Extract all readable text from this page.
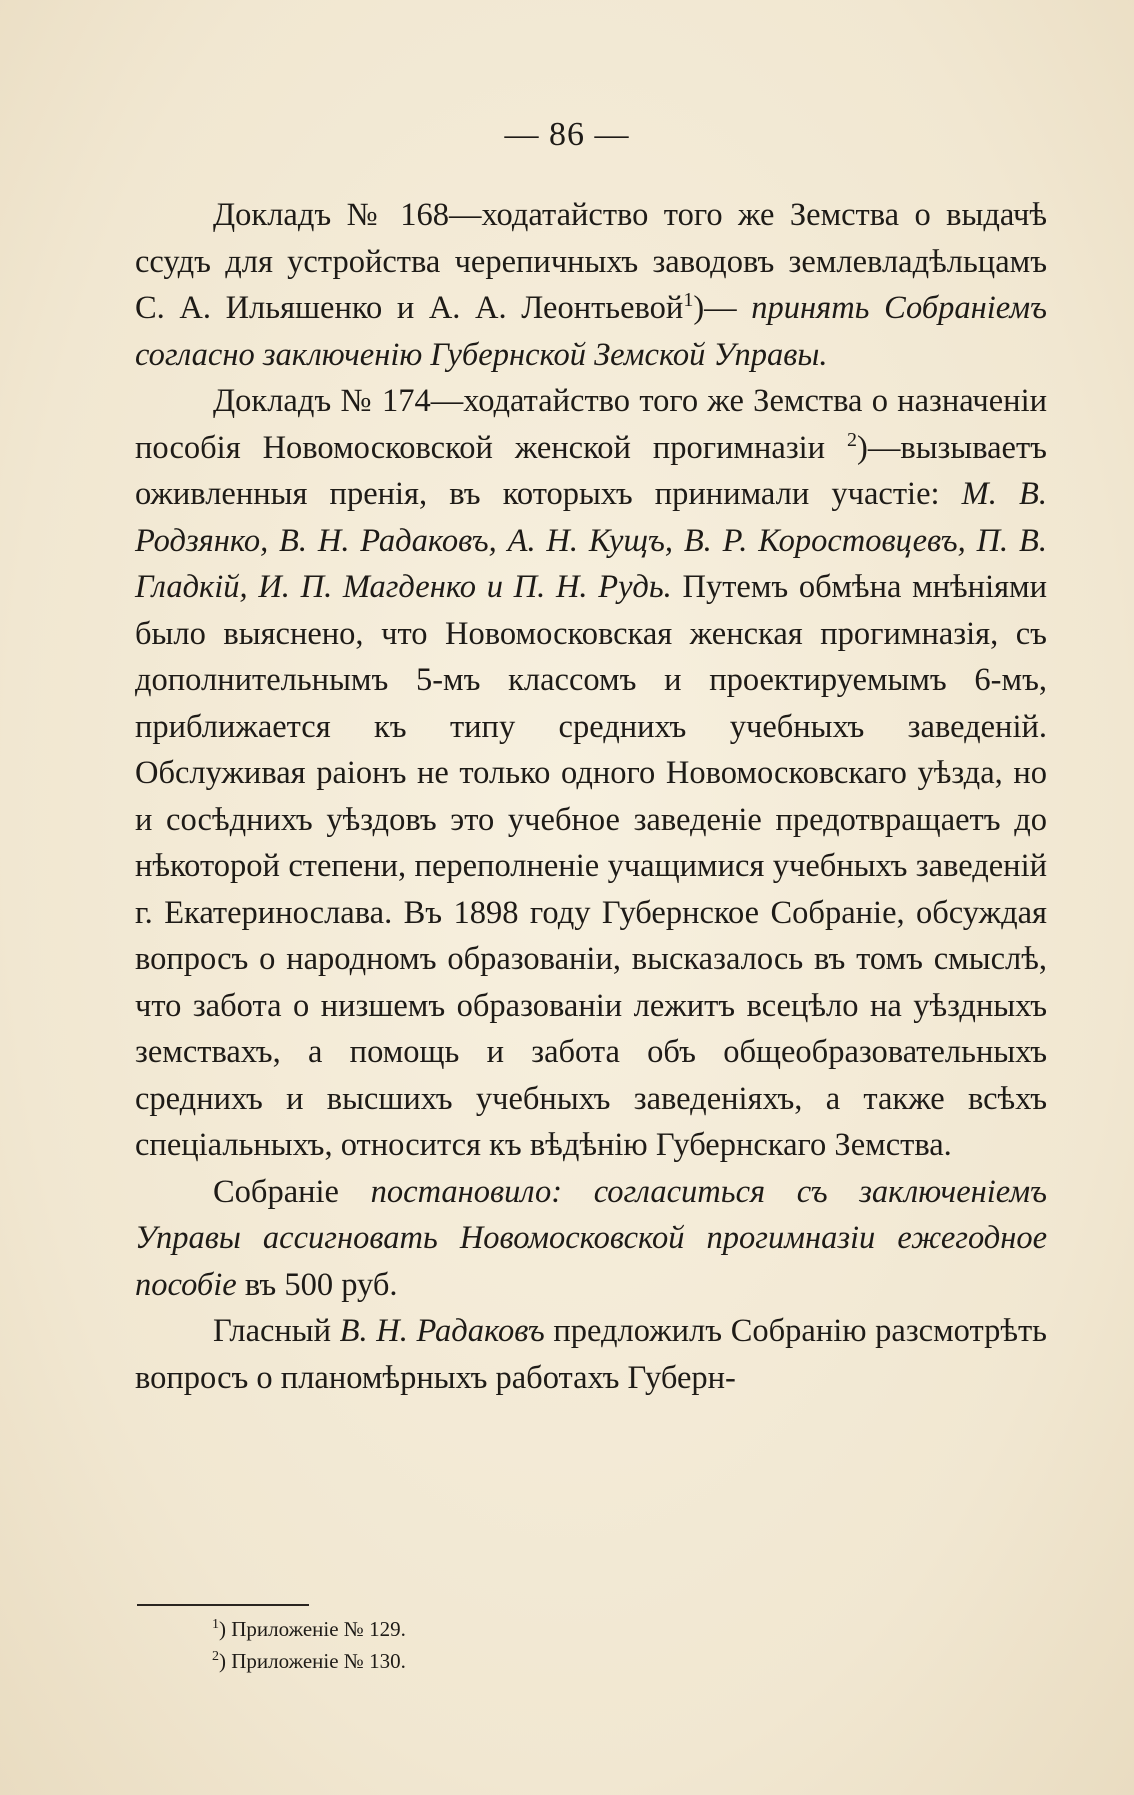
— 86 —

Докладъ № 168—ходатайство того же Земства о выдачѣ ссудъ для устройства черепичныхъ заводовъ землевладѣльцамъ С. А. Ильяшенко и А. А. Леонтьевой$^1$)— принять Собраніемъ согласно заключенію Губернской Земской Управы.

Докладъ № 174—ходатайство того же Земства о назначеніи пособія Новомосковской женской прогимназіи $^2$)—вызываетъ оживленныя пренія, въ которыхъ принимали участіе: М. В. Родзянко, В. Н. Радаковъ, А. Н. Кущъ, В. Р. Коростовцевъ, П. В. Гладкій, И. П. Магденко и П. Н. Рудь. Путемъ обмѣна мнѣніями было выяснено, что Новомосковская женская прогимназія, съ дополнительнымъ 5-мъ классомъ и проектируемымъ 6-мъ, приближается къ типу среднихъ учебныхъ заведеній. Обслуживая раіонъ не только одного Новомосковскаго уѣзда, но и сосѣднихъ уѣздовъ это учебное заведеніе предотвращаетъ до нѣкоторой степени, переполненіе учащимися учебныхъ заведеній г. Екатеринослава. Въ 1898 году Губернское Собраніе, обсуждая вопросъ о народномъ образованіи, высказалось въ томъ смыслѣ, что забота о низшемъ образованіи лежитъ всецѣло на уѣздныхъ земствахъ, а помощь и забота объ общеобразовательныхъ среднихъ и высшихъ учебныхъ заведеніяхъ, а также всѣхъ спеціальныхъ, относится къ вѣдѣнію Губернскаго Земства.

Собраніе постановило: согласиться съ заключеніемъ Управы ассигновать Новомосковской прогимназіи ежегодное пособіе въ 500 руб.

Гласный В. Н. Радаковъ предложилъ Собранію разсмотрѣть вопросъ о планомѣрныхъ работахъ Губерн-

$^1$) Приложеніе № 129.
$^2$) Приложеніе № 130.
